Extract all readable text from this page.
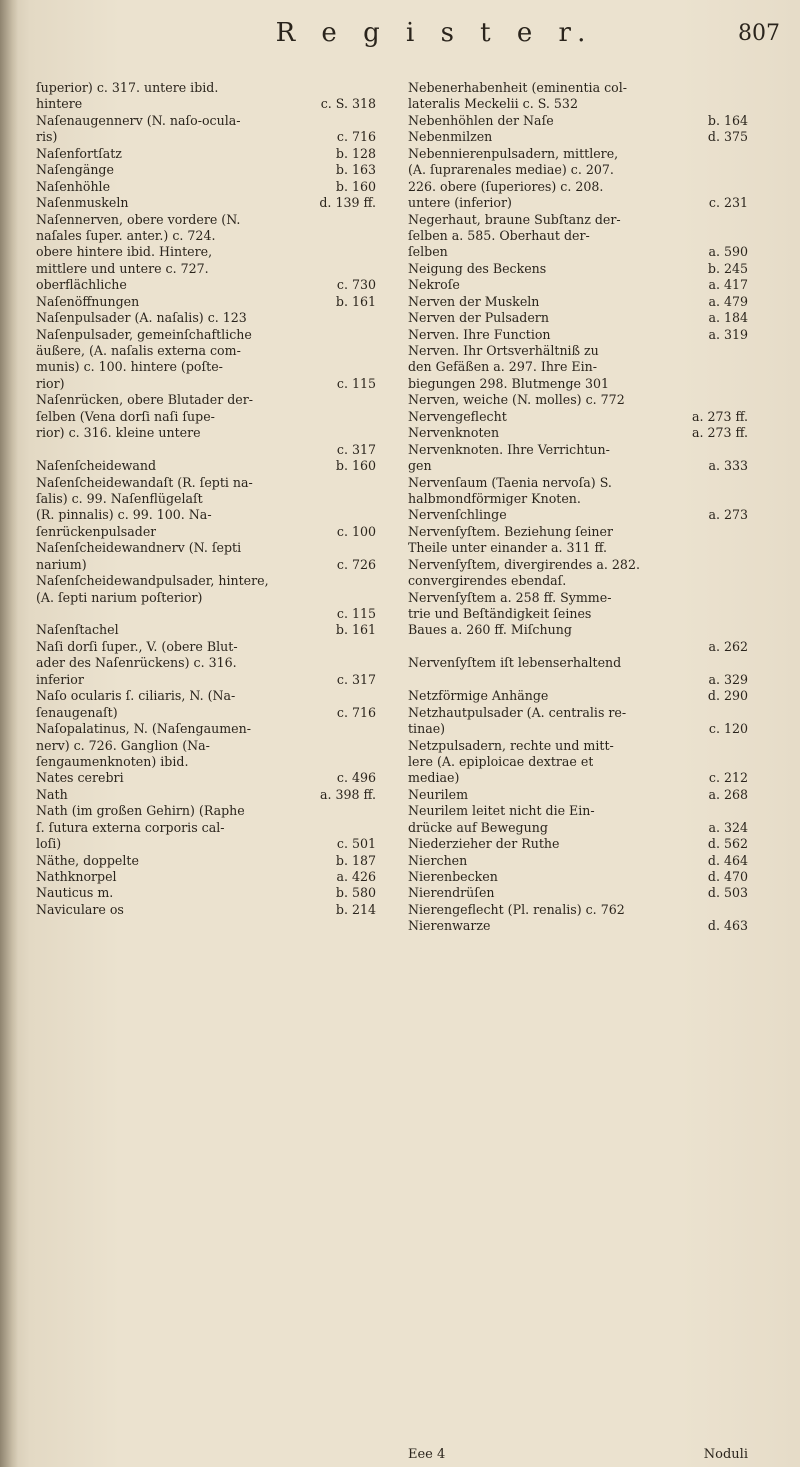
R e g i s t e r.	807
ſuperior) c. 317. untere ibid.
hintere	c. S. 318
Naſenaugennerv (N. naſo-ocula-
ris)	c. 716
Naſenfortſatz	b. 128
Naſengänge	b. 163
Naſenhöhle	b. 160
Naſenmuskeln	d. 139 ff.
Naſennerven, obere vordere (N.
naſales ſuper. anter.) c. 724.
obere hintere ibid. Hintere,
mittlere und untere c. 727.
oberflächliche	c. 730
Naſenöffnungen	b. 161
Naſenpulsader (A. naſalis) c. 123
Naſenpulsader, gemeinſchaftliche
äußere, (A. naſalis externa com-
munis) c. 100. hintere (poſte-
rior)	c. 115
Naſenrücken, obere Blutader der-
ſelben (Vena dorſi naſi ſupe-
rior) c. 316. kleine untere
c. 317
Naſenſcheidewand	b. 160
Naſenſcheidewandaſt (R. ſepti na-
ſalis) c. 99. Naſenflügelaſt
(R. pinnalis) c. 99. 100. Na-
ſenrückenpulsader	c. 100
Naſenſcheidewandnerv (N. ſepti
narium)	c. 726
Naſenſcheidewandpulsader, hintere,
(A. ſepti narium poſterior)
c. 115
Naſenſtachel	b. 161
Naſi dorſi ſuper., V. (obere Blut-
ader des Naſenrückens) c. 316.
inferior	c. 317
Naſo ocularis ſ. ciliaris, N. (Na-
ſenaugenaſt)	c. 716
Naſopalatinus, N. (Naſengaumen-
nerv) c. 726. Ganglion (Na-
ſengaumenknoten) ibid.
Nates cerebri	c. 496
Nath	a. 398 ff.
Nath (im großen Gehirn) (Raphe
ſ. ſutura externa corporis cal-
loſi)	c. 501
Näthe, doppelte	b. 187
Nathknorpel	a. 426
Nauticus m.	b. 580
Naviculare os	b. 214
Nebenerhabenheit (eminentia col-
lateralis Meckelii c. S. 532
Nebenhöhlen der Naſe	b. 164
Nebenmilzen	d. 375
Nebennierenpulsadern, mittlere,
(A. ſuprarenales mediae) c. 207.
226. obere (ſuperiores) c. 208.
untere (inferior)	c. 231
Negerhaut, braune Subſtanz der-
ſelben a. 585. Oberhaut der-
ſelben	a. 590
Neigung des Beckens	b. 245
Nekroſe	a. 417
Nerven der Muskeln	a. 479
Nerven der Pulsadern	a. 184
Nerven. Ihre Function	a. 319
Nerven. Ihr Ortsverhältniß zu
den Gefäßen a. 297. Ihre Ein-
biegungen 298. Blutmenge 301
Nerven, weiche (N. molles) c. 772
Nervengeflecht	a. 273 ff.
Nervenknoten	a. 273 ff.
Nervenknoten. Ihre Verrichtun-
gen	a. 333
Nervenſaum (Taenia nervoſa) S.
halbmondförmiger Knoten.
Nervenſchlinge	a. 273
Nervenſyſtem. Beziehung ſeiner
Theile unter einander a. 311 ff.
Nervenſyſtem, divergirendes a. 282.
convergirendes ebendaſ.
Nervenſyſtem a. 258 ff. Symme-
trie und Beſtändigkeit ſeines
Baues a. 260 ff. Miſchung
a. 262
Nervenſyſtem iſt lebenserhaltend
a. 329
Netzförmige Anhänge	d. 290
Netzhautpulsader (A. centralis re-
tinae)	c. 120
Netzpulsadern, rechte und mitt-
lere (A. epiploicae dextrae et
mediae)	c. 212
Neurilem	a. 268
Neurilem leitet nicht die Ein-
drücke auf Bewegung	a. 324
Niederzieher der Ruthe	d. 562
Nierchen	d. 464
Nierenbecken	d. 470
Nierendrüſen	d. 503
Nierengeflecht (Pl. renalis) c. 762
Nierenwarze	d. 463
Eee 4	Noduli
